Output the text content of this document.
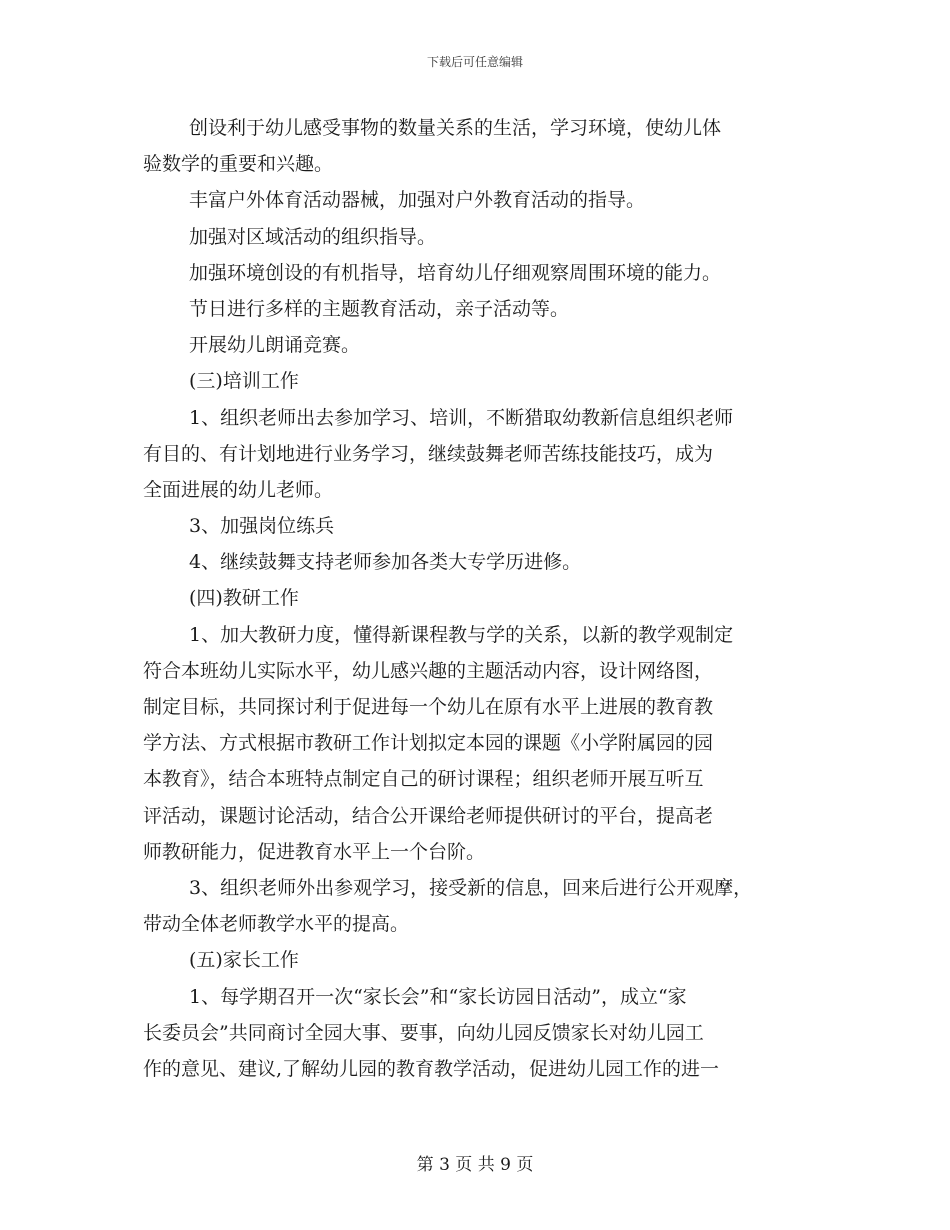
下载后可任意编辑
创设利于幼儿感受事物的数量关系的生活，学习环境，使幼儿体
验数学的重要和兴趣。
丰富户外体育活动器械，加强对户外教育活动的指导。
加强对区域活动的组织指导。
加强环境创设的有机指导，培育幼儿仔细观察周围环境的能力。
节日进行多样的主题教育活动，亲子活动等。
开展幼儿朗诵竞赛。
(三)培训工作
1、组织老师出去参加学习、培训，不断猎取幼教新信息组织老师
有目的、有计划地进行业务学习，继续鼓舞老师苦练技能技巧，成为
全面进展的幼儿老师。
3、加强岗位练兵
4、继续鼓舞支持老师参加各类大专学历进修。
(四)教研工作
1、加大教研力度，懂得新课程教与学的关系，以新的教学观制定
符合本班幼儿实际水平，幼儿感兴趣的主题活动内容，设计网络图，
制定目标，共同探讨利于促进每一个幼儿在原有水平上进展的教育教
学方法、方式根据市教研工作计划拟定本园的课题《小学附属园的园
本教育》，结合本班特点制定自己的研讨课程；组织老师开展互听互
评活动，课题讨论活动，结合公开课给老师提供研讨的平台，提高老
师教研能力，促进教育水平上一个台阶。
3、组织老师外出参观学习，接受新的信息，回来后进行公开观摩，
带动全体老师教学水平的提高。
(五)家长工作
1、每学期召开一次“家长会”和“家长访园日活动”，成立“家
长委员会”共同商讨全园大事、要事，向幼儿园反馈家长对幼儿园工
作的意见、建议,了解幼儿园的教育教学活动，促进幼儿园工作的进一
第 3 页 共 9 页
